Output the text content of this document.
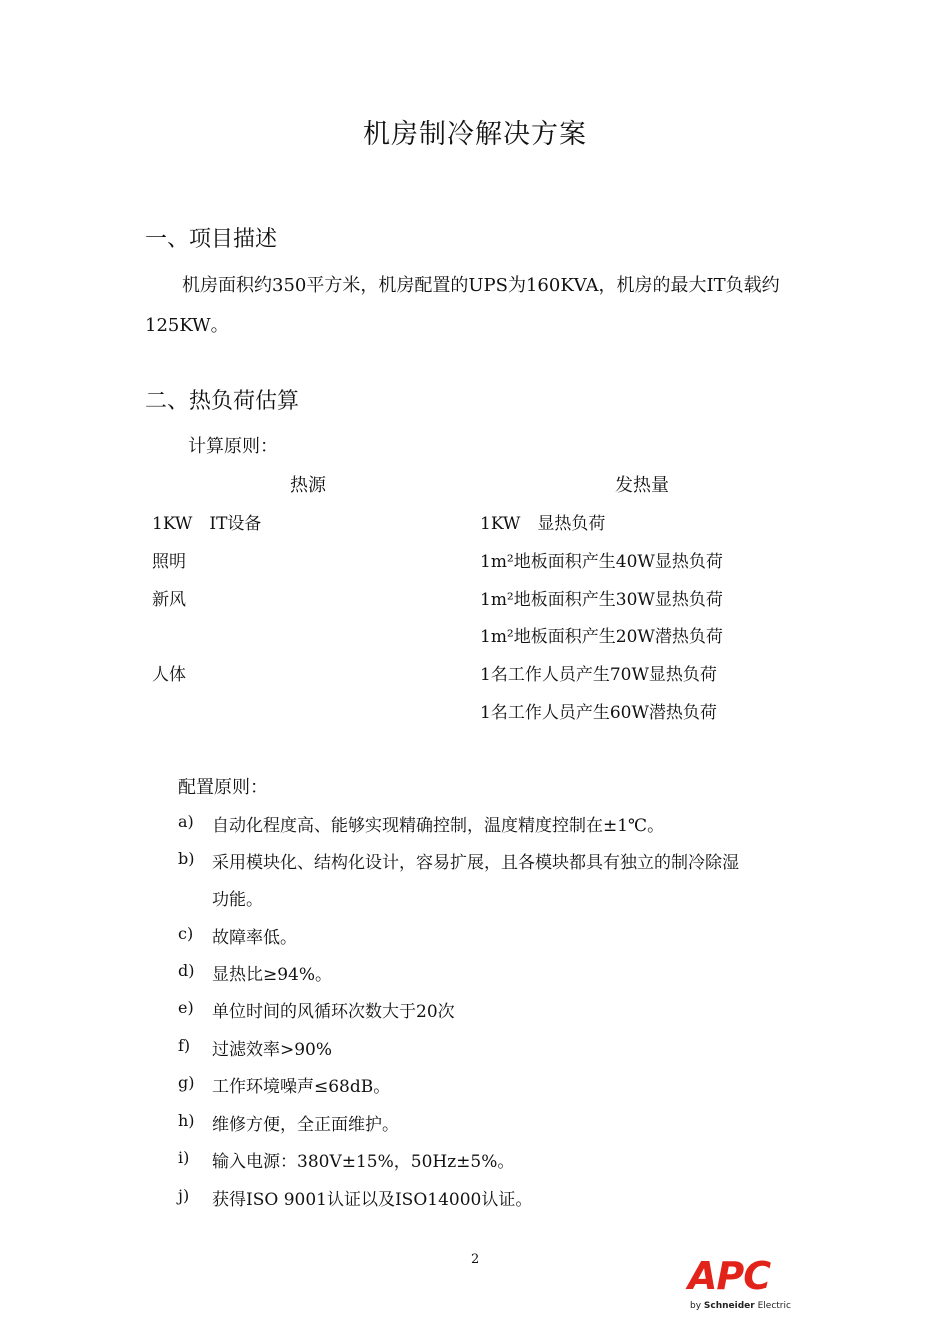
机房制冷解决方案
一、项目描述
机房面积约350平方米，机房配置的UPS为160KVA，机房的最大IT负载约
125KW。
二、热负荷估算
计算原则：
热源	发热量
1KW　IT设备	1KW　显热负荷
照明	1m²地板面积产生40W显热负荷
新风	1m²地板面积产生30W显热负荷
1m²地板面积产生20W潜热负荷
人体	1名工作人员产生70W显热负荷
1名工作人员产生60W潜热负荷
配置原则：
a) 自动化程度高、能够实现精确控制，温度精度控制在±1℃。
b) 采用模块化、结构化设计，容易扩展，且各模块都具有独立的制冷除湿
功能。
c) 故障率低。
d) 显热比≥94%。
e) 单位时间的风循环次数大于20次
f) 过滤效率>90%
g) 工作环境噪声≤68dB。
h) 维修方便，全正面维护。
i) 输入电源：380V±15%，50Hz±5%。
j) 获得ISO 9001认证以及ISO14000认证。
2	APC
by Schneider Electric
